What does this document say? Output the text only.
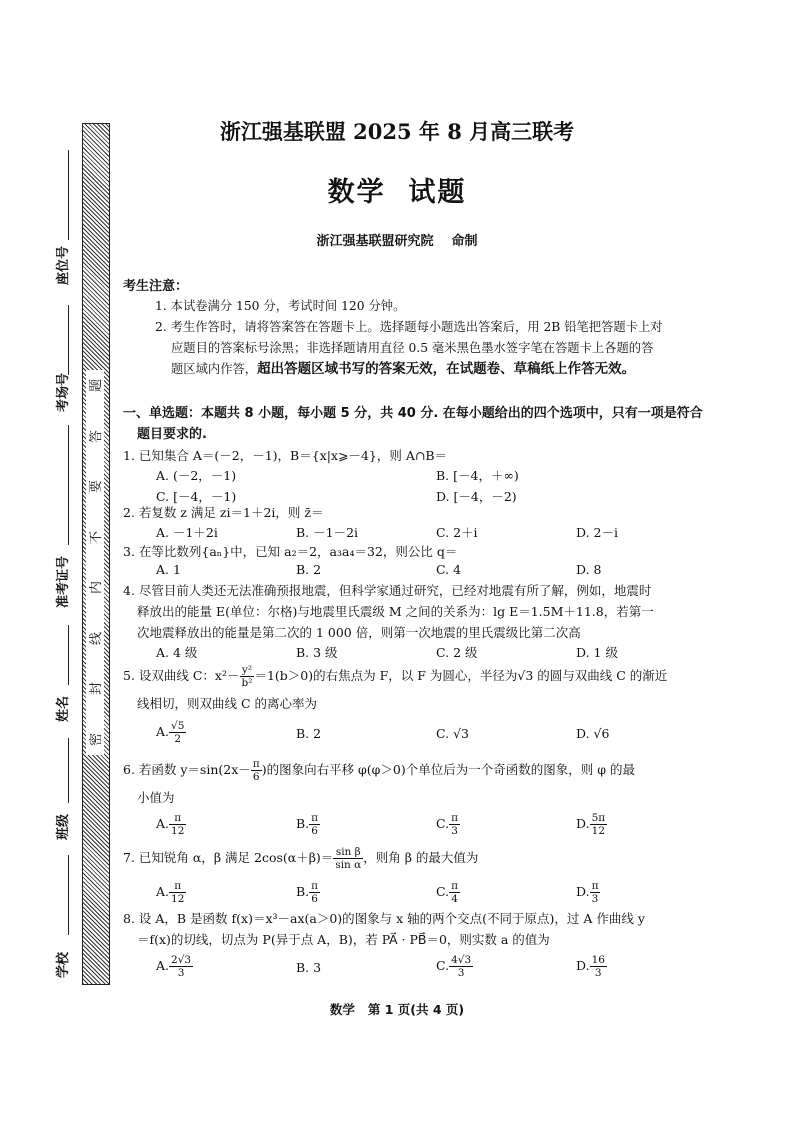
题
答
要
不
内
线
封
密
座位号
考场号
准考证号
姓名
班级
学校
浙江强基联盟 2025 年 8 月高三联考
数学  试题
浙江强基联盟研究院    命制
考生注意：
1. 本试卷满分 150 分，考试时间 120 分钟。
2. 考生作答时，请将答案答在答题卡上。选择题每小题选出答案后，用 2B 铅笔把答题卡上对
应题目的答案标号涂黑；非选择题请用直径 0.5 毫米黑色墨水签字笔在答题卡上各题的答
题区域内作答，超出答题区域书写的答案无效，在试题卷、草稿纸上作答无效。
一、单选题：本题共 8 小题，每小题 5 分，共 40 分. 在每小题给出的四个选项中，只有一项是符合
题目要求的.
1. 已知集合 A＝(－2，－1)，B＝{x|x⩾－4}，则 A∩B＝
A. (－2，－1)	B. [－4，＋∞)
C. [－4，－1)	D. [－4，－2)
2. 若复数 z 满足 zi＝1＋2i，则 z̄＝
A. －1＋2i	B. －1－2i	C. 2＋i	D. 2－i
3. 在等比数列{aₙ}中，已知 a₂＝2，a₃a₄＝32，则公比 q＝
A. 1	B. 2	C. 4	D. 8
4. 尽管目前人类还无法准确预报地震，但科学家通过研究，已经对地震有所了解，例如，地震时
释放出的能量 E(单位：尔格)与地震里氏震级 M 之间的关系为：lg E＝1.5M＋11.8，若第一
次地震释放出的能量是第二次的 1 000 倍，则第一次地震的里氏震级比第二次高
A. 4 级	B. 3 级	C. 2 级	D. 1 级
5. 设双曲线 C：$x^2- \frac{\text{y²}}{\text{b²}} =1(b>0)$的右焦点为 F，以 F 为圆心，半径为√3 的圆与双曲线 C 的渐近
线相切，则双曲线 C 的离心率为
A. $\frac{√5}{2}$	B. 2	C. √3	D. √6
6. 若函数 $y=\sin(2x- \frac{\pi}{6}$ )的图象向右平移 φ(φ＞0)个单位后为一个奇函数的图象，则 φ 的最
小值为
A. $\frac{\pi}{12}$	B. $\frac{\pi}{6}$	C. $\frac{\pi}{3}$	D. $\frac{5\pi}{12}$
7. 已知锐角 α，β 满足 $2\cos(\alpha+\beta)= \frac{\text{sin β}}{\text{sin α}}$ ，则角 β 的最大值为
A. $\frac{\pi}{12}$	B. $\frac{\pi}{6}$	C. $\frac{\pi}{4}$	D. $\frac{\pi}{3}$
8. 设 A，B 是函数 f(x)＝x³－ax(a＞0)的图象与 x 轴的两个交点(不同于原点)，过 A 作曲线 y
＝f(x)的切线，切点为 P(异于点 A，B)，若 PA⃗ · PB⃗＝0，则实数 a 的值为
A. $\frac{2√3}{3}$	B. 3	C. $\frac{4√3}{3}$	D. $\frac{16}{3}$
数学   第 1 页(共 4 页)
